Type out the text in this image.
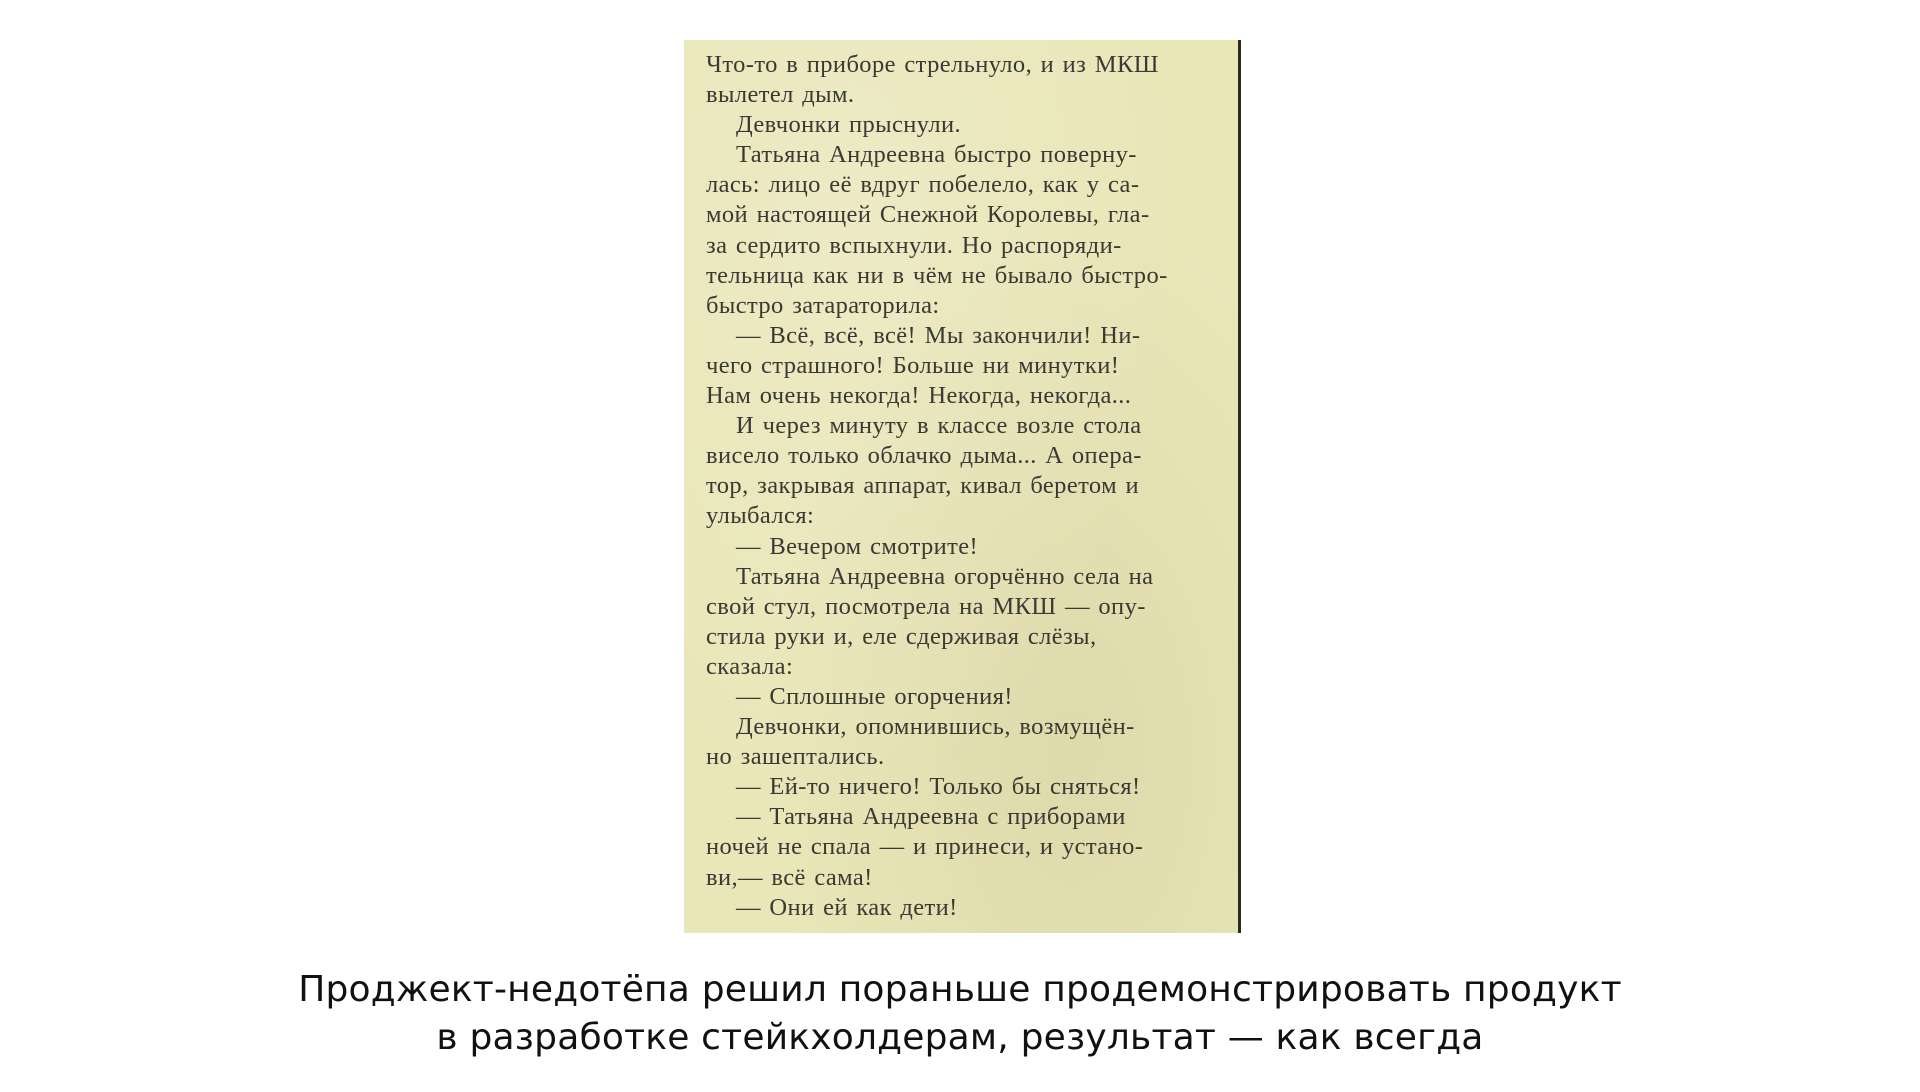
Что-то в приборе стрельнуло, и из МКШ
вылетел дым.
Девчонки прыснули.
Татьяна Андреевна быстро поверну-
лась: лицо её вдруг побелело, как у са-
мой настоящей Снежной Королевы, гла-
за сердито вспыхнули. Но распоряди-
тельница как ни в чём не бывало быстро-
быстро затараторила:
— Всё, всё, всё! Мы закончили! Ни-
чего страшного! Больше ни минутки!
Нам очень некогда! Некогда, некогда...
И через минуту в классе возле стола
висело только облачко дыма... А опера-
тор, закрывая аппарат, кивал беретом и
улыбался:
— Вечером смотрите!
Татьяна Андреевна огорчённо села на
свой стул, посмотрела на МКШ — опу-
стила руки и, еле сдерживая слёзы,
сказала:
— Сплошные огорчения!
Девчонки, опомнившись, возмущён-
но зашептались.
— Ей-то ничего! Только бы сняться!
— Татьяна Андреевна с приборами
ночей не спала — и принеси, и устано-
ви,— всё сама!
— Они ей как дети!
Проджект-недотёпа решил пораньше продемонстрировать продукт
в разработке стейкхолдерам, результат — как всегда
